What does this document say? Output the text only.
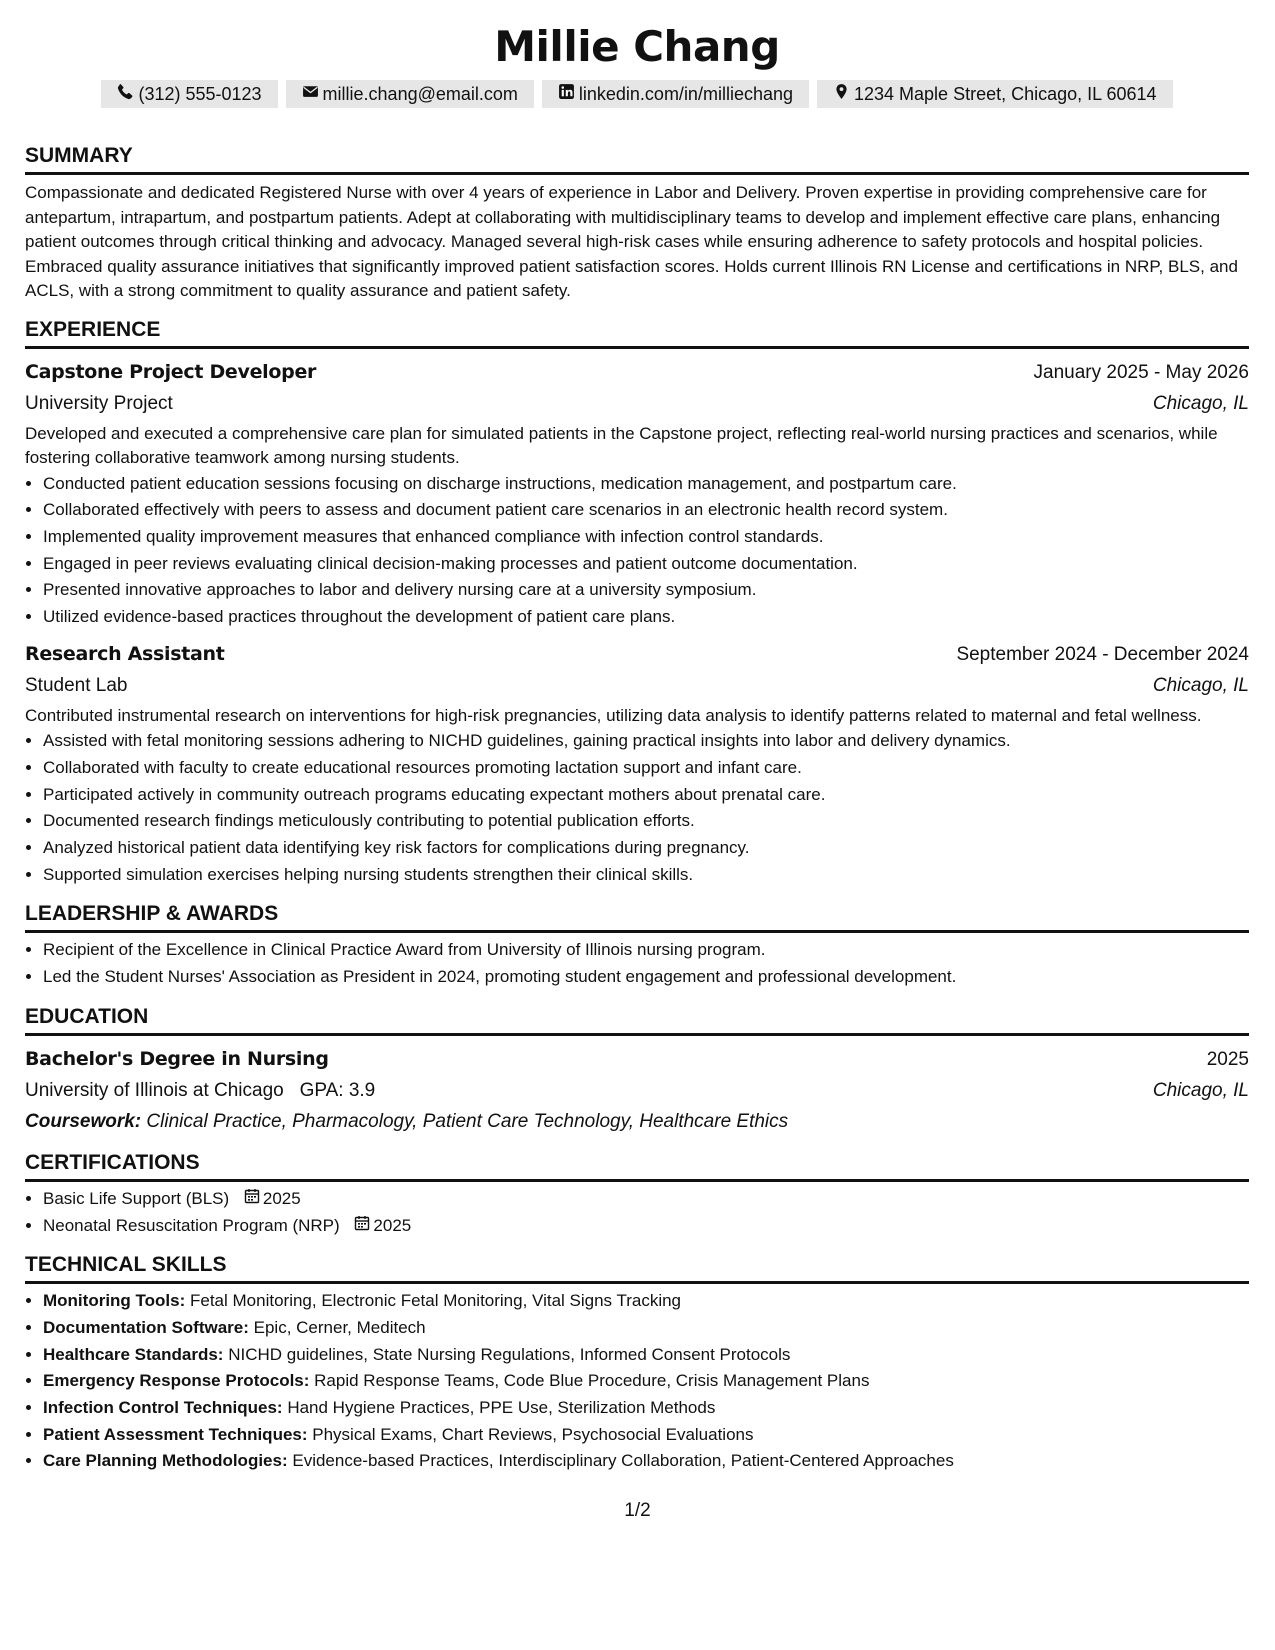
Millie Chang
(312) 555-0123	millie.chang@email.com	linkedin.com/in/milliechang	1234 Maple Street, Chicago, IL 60614
SUMMARY
Compassionate and dedicated Registered Nurse with over 4 years of experience in Labor and Delivery. Proven expertise in providing comprehensive care for antepartum, intrapartum, and postpartum patients. Adept at collaborating with multidisciplinary teams to develop and implement effective care plans, enhancing patient outcomes through critical thinking and advocacy. Managed several high-risk cases while ensuring adherence to safety protocols and hospital policies. Embraced quality assurance initiatives that significantly improved patient satisfaction scores. Holds current Illinois RN License and certifications in NRP, BLS, and ACLS, with a strong commitment to quality assurance and patient safety.
EXPERIENCE
Capstone Project Developer	January 2025 - May 2026
University Project	Chicago, IL
Developed and executed a comprehensive care plan for simulated patients in the Capstone project, reflecting real-world nursing practices and scenarios, while fostering collaborative teamwork among nursing students.
• Conducted patient education sessions focusing on discharge instructions, medication management, and postpartum care.
• Collaborated effectively with peers to assess and document patient care scenarios in an electronic health record system.
• Implemented quality improvement measures that enhanced compliance with infection control standards.
• Engaged in peer reviews evaluating clinical decision-making processes and patient outcome documentation.
• Presented innovative approaches to labor and delivery nursing care at a university symposium.
• Utilized evidence-based practices throughout the development of patient care plans.
Research Assistant	September 2024 - December 2024
Student Lab	Chicago, IL
Contributed instrumental research on interventions for high-risk pregnancies, utilizing data analysis to identify patterns related to maternal and fetal wellness.
• Assisted with fetal monitoring sessions adhering to NICHD guidelines, gaining practical insights into labor and delivery dynamics.
• Collaborated with faculty to create educational resources promoting lactation support and infant care.
• Participated actively in community outreach programs educating expectant mothers about prenatal care.
• Documented research findings meticulously contributing to potential publication efforts.
• Analyzed historical patient data identifying key risk factors for complications during pregnancy.
• Supported simulation exercises helping nursing students strengthen their clinical skills.
LEADERSHIP & AWARDS
• Recipient of the Excellence in Clinical Practice Award from University of Illinois nursing program.
• Led the Student Nurses' Association as President in 2024, promoting student engagement and professional development.
EDUCATION
Bachelor's Degree in Nursing	2025
University of Illinois at Chicago GPA: 3.9	Chicago, IL
Coursework: Clinical Practice, Pharmacology, Patient Care Technology, Healthcare Ethics
CERTIFICATIONS
• Basic Life Support (BLS) 2025
• Neonatal Resuscitation Program (NRP) 2025
TECHNICAL SKILLS
• Monitoring Tools: Fetal Monitoring, Electronic Fetal Monitoring, Vital Signs Tracking
• Documentation Software: Epic, Cerner, Meditech
• Healthcare Standards: NICHD guidelines, State Nursing Regulations, Informed Consent Protocols
• Emergency Response Protocols: Rapid Response Teams, Code Blue Procedure, Crisis Management Plans
• Infection Control Techniques: Hand Hygiene Practices, PPE Use, Sterilization Methods
• Patient Assessment Techniques: Physical Exams, Chart Reviews, Psychosocial Evaluations
• Care Planning Methodologies: Evidence-based Practices, Interdisciplinary Collaboration, Patient-Centered Approaches
1/2
